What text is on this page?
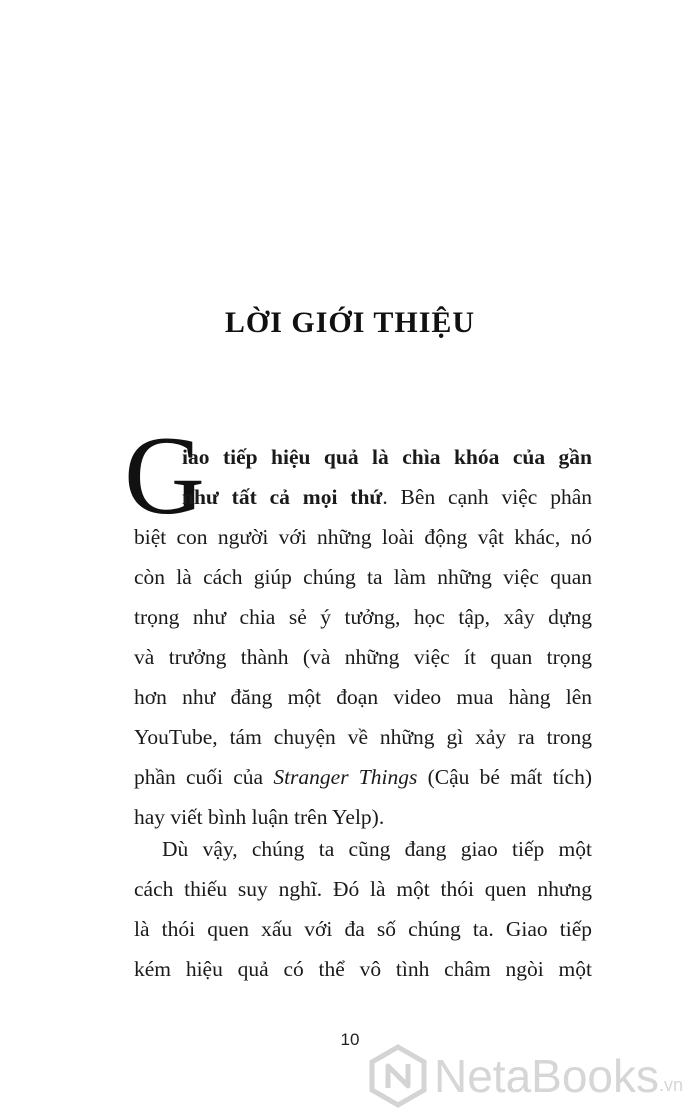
LỜI GIỚI THIỆU
G
iao tiếp hiệu quả là chìa khóa của gần
như tất cả mọi thứ. Bên cạnh việc phân
biệt con người với những loài động vật khác, nó
còn là cách giúp chúng ta làm những việc quan
trọng như chia sẻ ý tưởng, học tập, xây dựng
và trưởng thành (và những việc ít quan trọng
hơn như đăng một đoạn video mua hàng lên
YouTube, tám chuyện về những gì xảy ra trong
phần cuối của Stranger Things (Cậu bé mất tích)
hay viết bình luận trên Yelp).
Dù vậy, chúng ta cũng đang giao tiếp một
cách thiếu suy nghĩ. Đó là một thói quen nhưng
là thói quen xấu với đa số chúng ta. Giao tiếp
kém hiệu quả có thể vô tình châm ngòi một
10
NetaBooks .vn
